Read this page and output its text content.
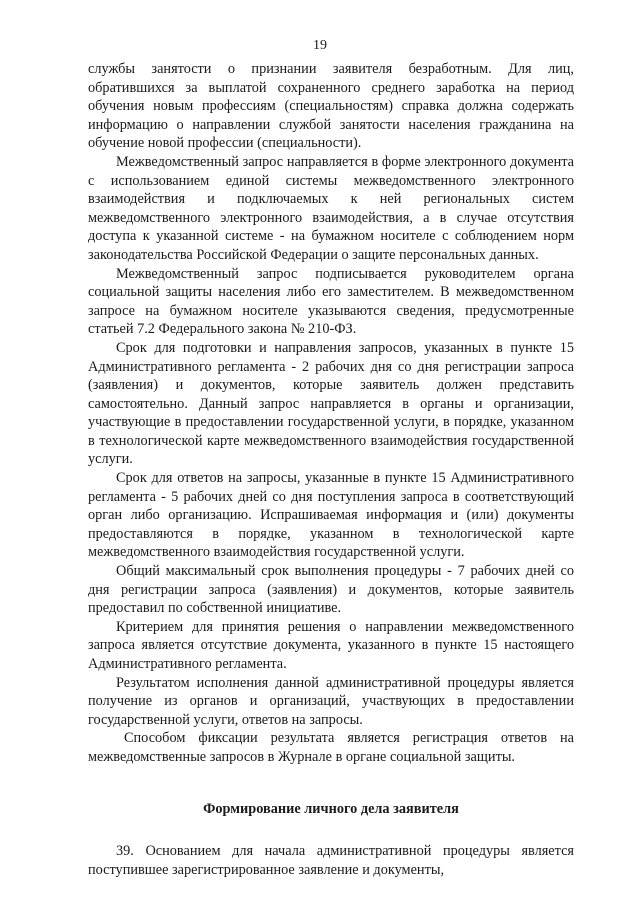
19

службы занятости о признании заявителя безработным. Для лиц, обратившихся за выплатой сохраненного среднего заработка на период обучения новым профессиям (специальностям) справка должна содержать информацию о направлении службой занятости населения гражданина на обучение новой профессии (специальности).

Межведомственный запрос направляется в форме электронного документа с использованием единой системы межведомственного электронного взаимодействия и подключаемых к ней региональных систем межведомственного электронного взаимодействия, а в случае отсутствия доступа к указанной системе - на бумажном носителе с соблюдением норм законодательства Российской Федерации о защите персональных данных.

Межведомственный запрос подписывается руководителем органа социальной защиты населения либо его заместителем. В межведомственном запросе на бумажном носителе указываются сведения, предусмотренные статьей 7.2 Федерального закона № 210-ФЗ.

Срок для подготовки и направления запросов, указанных в пункте 15 Административного регламента - 2 рабочих дня со дня регистрации запроса (заявления) и документов, которые заявитель должен представить самостоятельно. Данный запрос направляется в органы и организации, участвующие в предоставлении государственной услуги, в порядке, указанном в технологической карте межведомственного взаимодействия государственной услуги.

Срок для ответов на запросы, указанные в пункте 15 Административного регламента - 5 рабочих дней со дня поступления запроса в соответствующий орган либо организацию. Испрашиваемая информация и (или) документы предоставляются в порядке, указанном в технологической карте межведомственного взаимодействия государственной услуги.

Общий максимальный срок выполнения процедуры - 7 рабочих дней со дня регистрации запроса (заявления) и документов, которые заявитель предоставил по собственной инициативе.

Критерием для принятия решения о направлении межведомственного запроса является отсутствие документа, указанного в пункте 15 настоящего Административного регламента.

Результатом исполнения данной административной процедуры является получение из органов и организаций, участвующих в предоставлении государственной услуги, ответов на запросы.

Способом фиксации результата является регистрация ответов на межведомственные запросов в Журнале в органе социальной защиты.

Формирование личного дела заявителя

39. Основанием для начала административной процедуры является поступившее зарегистрированное заявление и документы,
